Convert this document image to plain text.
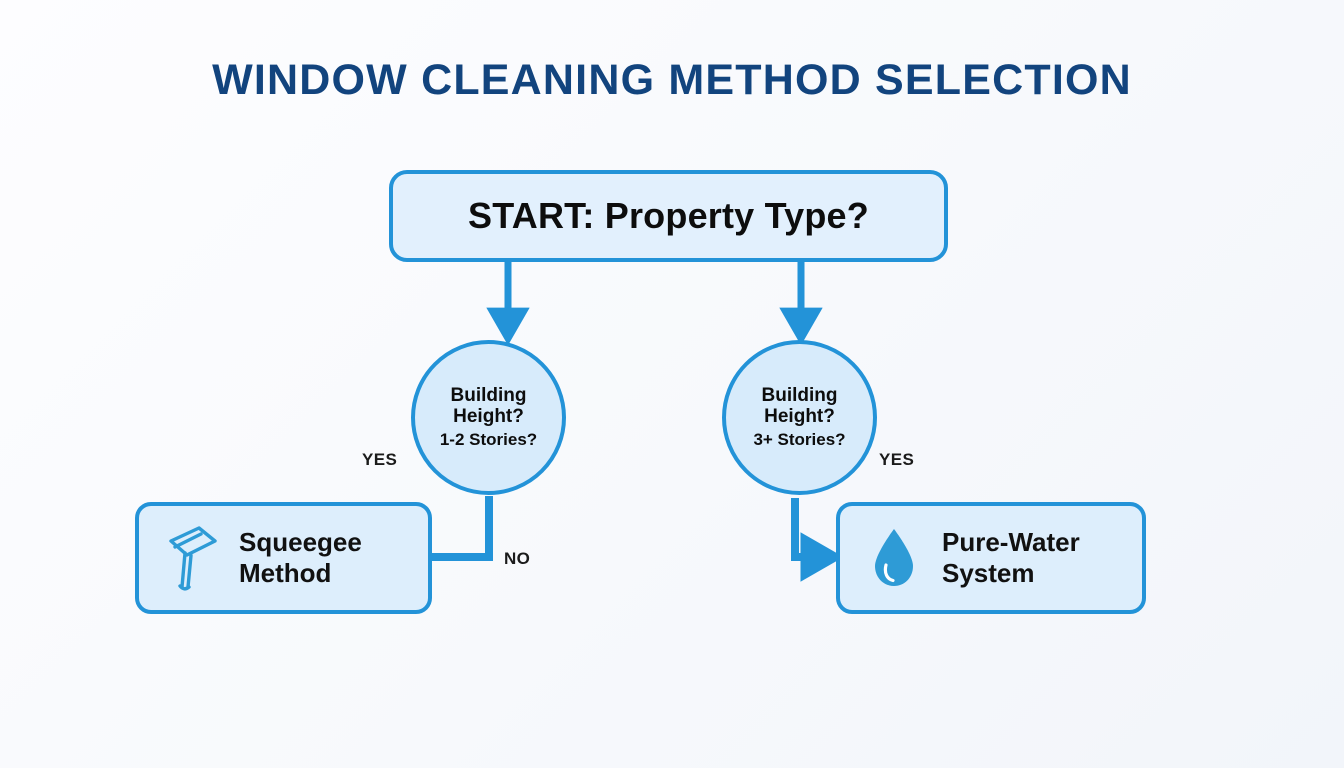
WINDOW CLEANING METHOD SELECTION
START: Property Type?
Building
Height?
1-2 Stories?
Building
Height?
3+ Stories?
Squeegee
Method
Pure-Water
System
YES
NO
YES
